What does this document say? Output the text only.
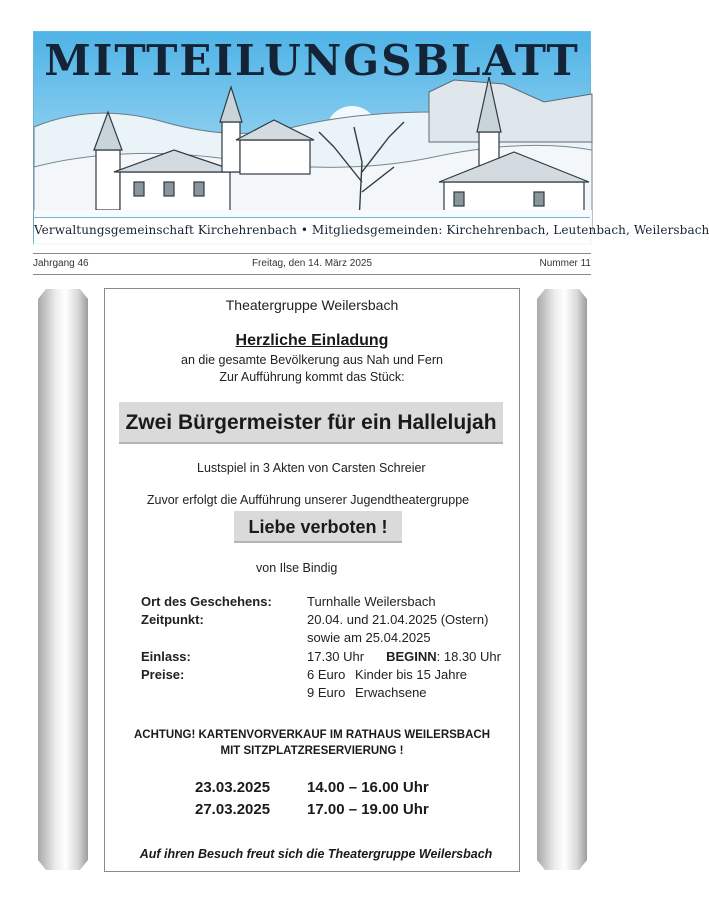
MITTEILUNGSBLATT
Verwaltungsgemeinschaft Kirchehrenbach • Mitgliedsgemeinden: Kirchehrenbach, Leutenbach, Weilersbach
Jahrgang 46	Freitag, den 14. März 2025	Nummer 11
Theatergruppe Weilersbach
Herzliche Einladung
an die gesamte Bevölkerung aus Nah und Fern
Zur Aufführung kommt das Stück:
Zwei Bürgermeister für ein Hallelujah
Lustspiel in 3 Akten von Carsten Schreier
Zuvor erfolgt die Aufführung unserer Jugendtheatergruppe
Liebe verboten !
von Ilse Bindig
Ort des Geschehens:	Turnhalle Weilersbach
Zeitpunkt:	20.04. und 21.04.2025 (Ostern)
sowie am 25.04.2025
Einlass:	17.30 Uhr BEGINN: 18.30 Uhr
Preise:	6 Euro Kinder bis 15 Jahre
9 Euro Erwachsene
ACHTUNG! KARTENVORVERKAUF IM RATHAUS WEILERSBACH
MIT SITZPLATZRESERVIERUNG !
23.03.2025 14.00 – 16.00 Uhr
27.03.2025 17.00 – 19.00 Uhr
Auf ihren Besuch freut sich die Theatergruppe Weilersbach
